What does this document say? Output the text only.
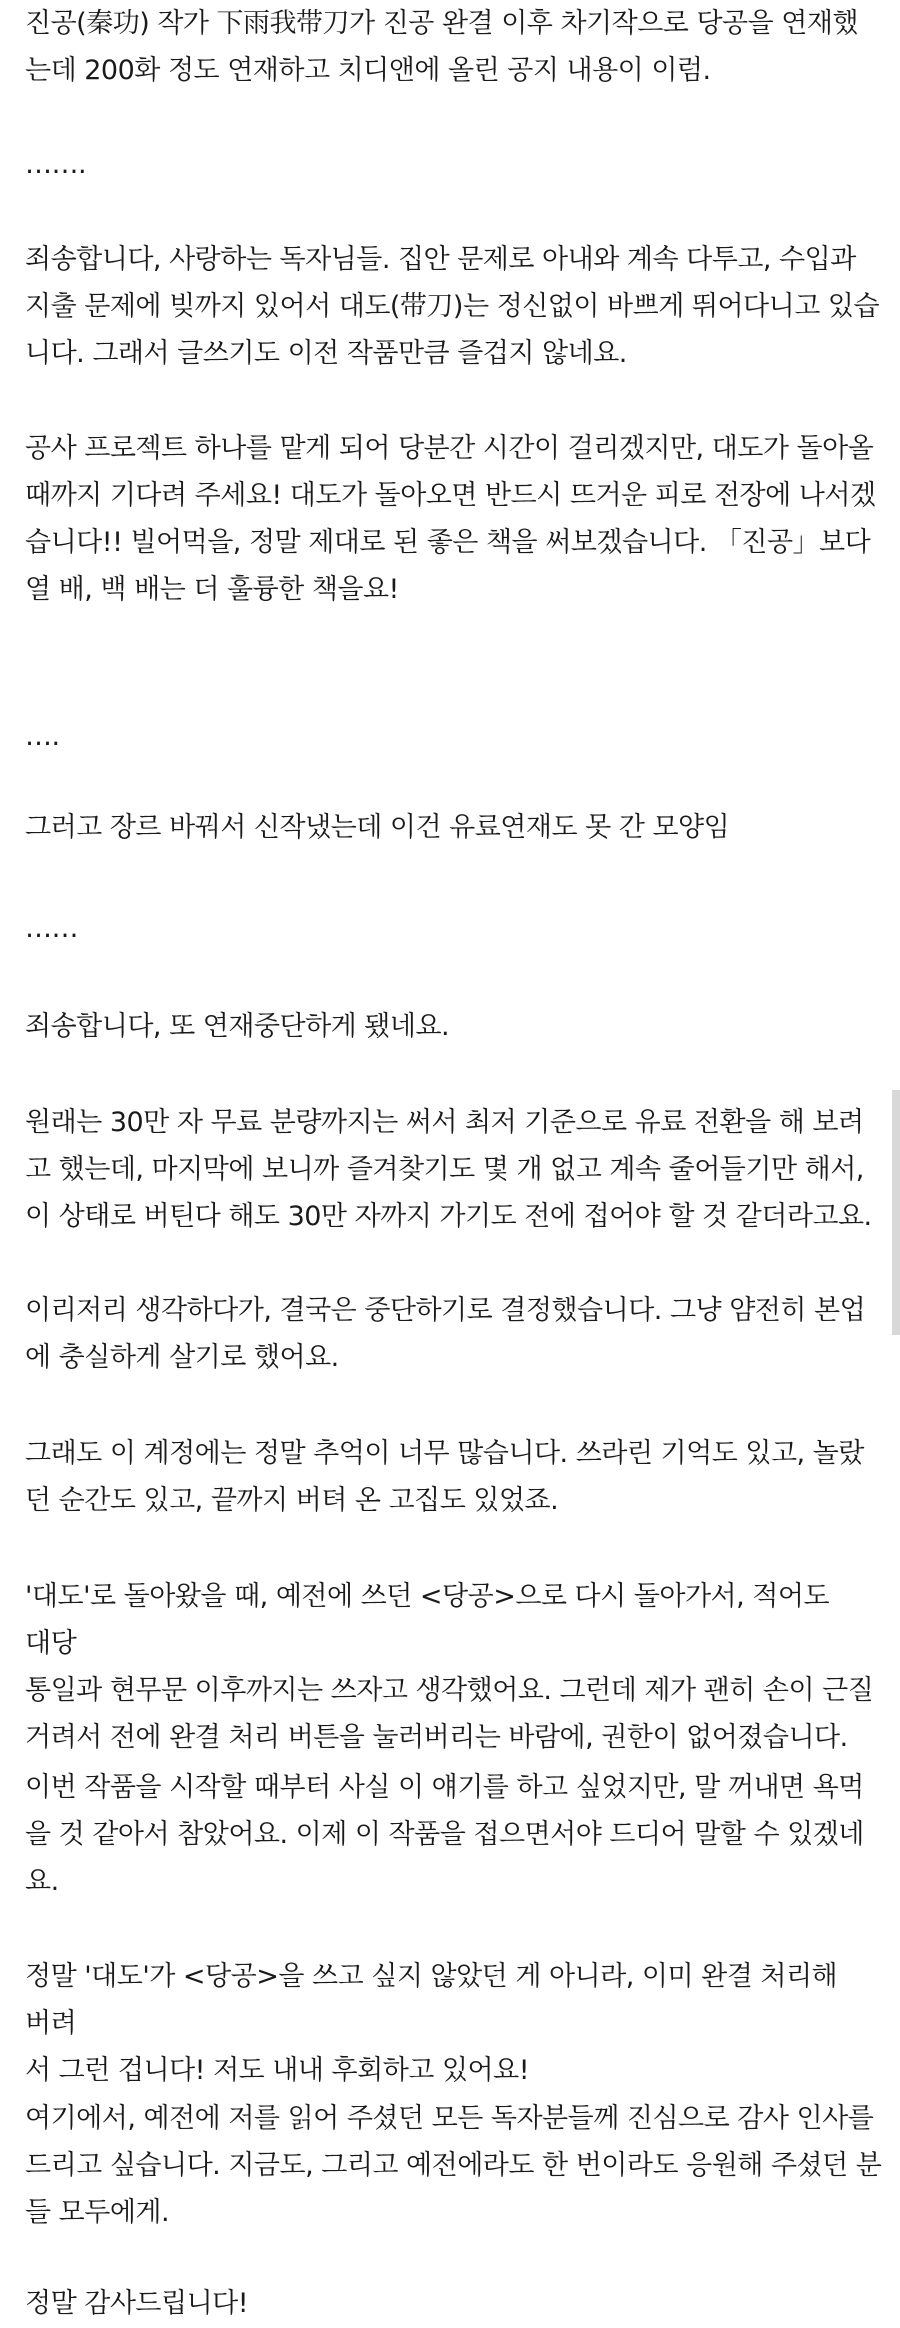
진공(秦功) 작가 下雨我带刀가 진공 완결 이후 차기작으로 당공을 연재했
는데 200화 정도 연재하고 치디앤에 올린 공지 내용이 이럼.

…….

죄송합니다, 사랑하는 독자님들. 집안 문제로 아내와 계속 다투고, 수입과
지출 문제에 빚까지 있어서 대도(带刀)는 정신없이 바쁘게 뛰어다니고 있습
니다. 그래서 글쓰기도 이전 작품만큼 즐겁지 않네요.

공사 프로젝트 하나를 맡게 되어 당분간 시간이 걸리겠지만, 대도가 돌아올
때까지 기다려 주세요! 대도가 돌아오면 반드시 뜨거운 피로 전장에 나서겠
습니다!! 빌어먹을, 정말 제대로 된 좋은 책을 써보겠습니다. 「진공」보다
열 배, 백 배는 더 훌륭한 책을요!

….

그러고 장르 바꿔서 신작냈는데 이건 유료연재도 못 간 모양임

……

죄송합니다, 또 연재중단하게 됐네요.

원래는 30만 자 무료 분량까지는 써서 최저 기준으로 유료 전환을 해 보려
고 했는데, 마지막에 보니까 즐겨찾기도 몇 개 없고 계속 줄어들기만 해서,
이 상태로 버틴다 해도 30만 자까지 가기도 전에 접어야 할 것 같더라고요.

이리저리 생각하다가, 결국은 중단하기로 결정했습니다. 그냥 얌전히 본업
에 충실하게 살기로 했어요.

그래도 이 계정에는 정말 추억이 너무 많습니다. 쓰라린 기억도 있고, 놀랐
던 순간도 있고, 끝까지 버텨 온 고집도 있었죠.

'대도'로 돌아왔을 때, 예전에 쓰던 <당공>으로 다시 돌아가서, 적어도 대당
통일과 현무문 이후까지는 쓰자고 생각했어요. 그런데 제가 괜히 손이 근질
거려서 전에 완결 처리 버튼을 눌러버리는 바람에, 권한이 없어졌습니다.

이번 작품을 시작할 때부터 사실 이 얘기를 하고 싶었지만, 말 꺼내면 욕먹
을 것 같아서 참았어요. 이제 이 작품을 접으면서야 드디어 말할 수 있겠네
요.

정말 '대도'가 <당공>을 쓰고 싶지 않았던 게 아니라, 이미 완결 처리해 버려
서 그런 겁니다! 저도 내내 후회하고 있어요!

여기에서, 예전에 저를 읽어 주셨던 모든 독자분들께 진심으로 감사 인사를
드리고 싶습니다. 지금도, 그리고 예전에라도 한 번이라도 응원해 주셨던 분
들 모두에게.

정말 감사드립니다!
